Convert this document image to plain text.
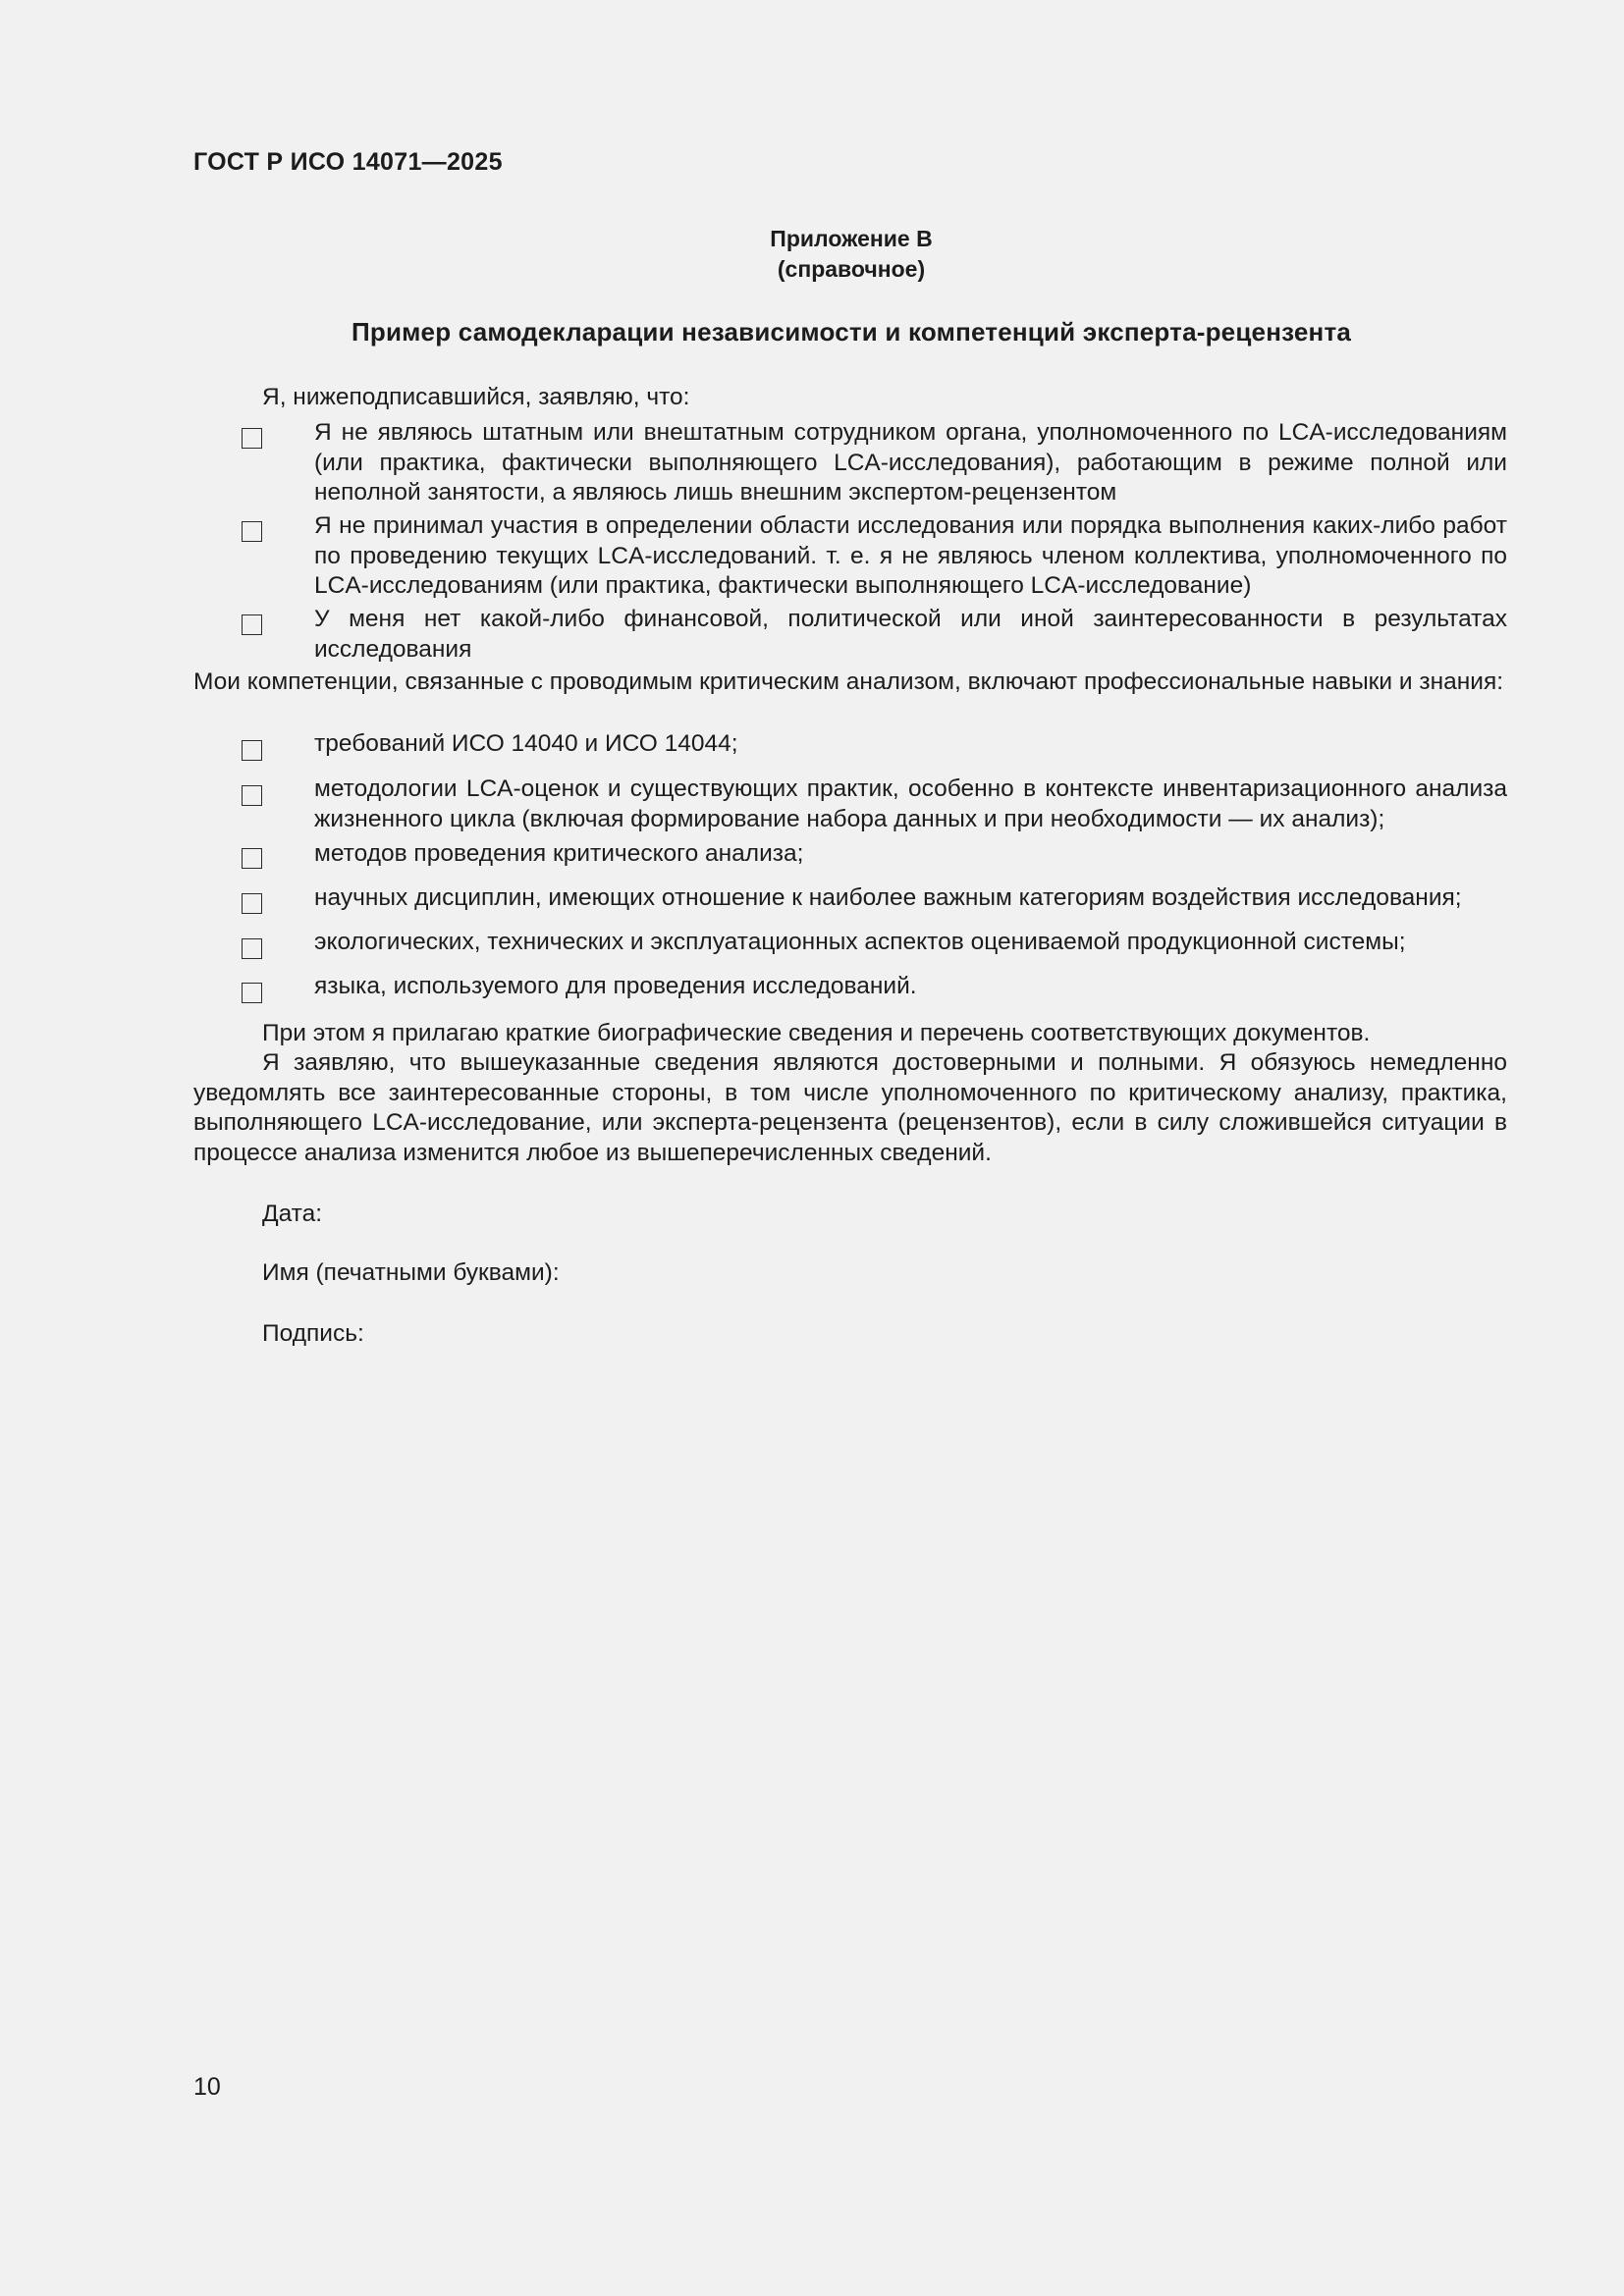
ГОСТ Р ИСО 14071—2025
Приложение В
(справочное)
Пример самодекларации независимости и компетенций эксперта-рецензента
Я, нижеподписавшийся, заявляю, что:
Я не являюсь штатным или внештатным сотрудником органа, уполномоченного по LCA-исследованиям (или практика, фактически выполняющего LCA-исследования), работающим в режиме полной или неполной занятости, а являюсь лишь внешним экспертом-рецензентом
Я не принимал участия в определении области исследования или порядка выполнения каких-либо работ по проведению текущих LCA-исследований. т. е. я не являюсь членом коллектива, уполномоченного по LCA-исследованиям (или практика, фактически выполняющего LCA-исследование)
У меня нет какой-либо финансовой, политической или иной заинтересованности в результатах исследования
Мои компетенции, связанные с проводимым критическим анализом, включают профессиональные навыки и знания:
требований ИСО 14040 и ИСО 14044;
методологии LCA-оценок и существующих практик, особенно в контексте инвентаризационного анализа жизненного цикла (включая формирование набора данных и при необходимости — их анализ);
методов проведения критического анализа;
научных дисциплин, имеющих отношение к наиболее важным категориям воздействия исследования;
экологических, технических и эксплуатационных аспектов оцениваемой продукционной системы;
языка, используемого для проведения исследований.
При этом я прилагаю краткие биографические сведения и перечень соответствующих документов.
Я заявляю, что вышеуказанные сведения являются достоверными и полными. Я обязуюсь немедленно уведомлять все заинтересованные стороны, в том числе уполномоченного по критическому анализу, практика, выполняющего LCA-исследование, или эксперта-рецензента (рецензентов), если в силу сложившейся ситуации в процессе анализа изменится любое из вышеперечисленных сведений.
Дата:
Имя (печатными буквами):
Подпись:
10
